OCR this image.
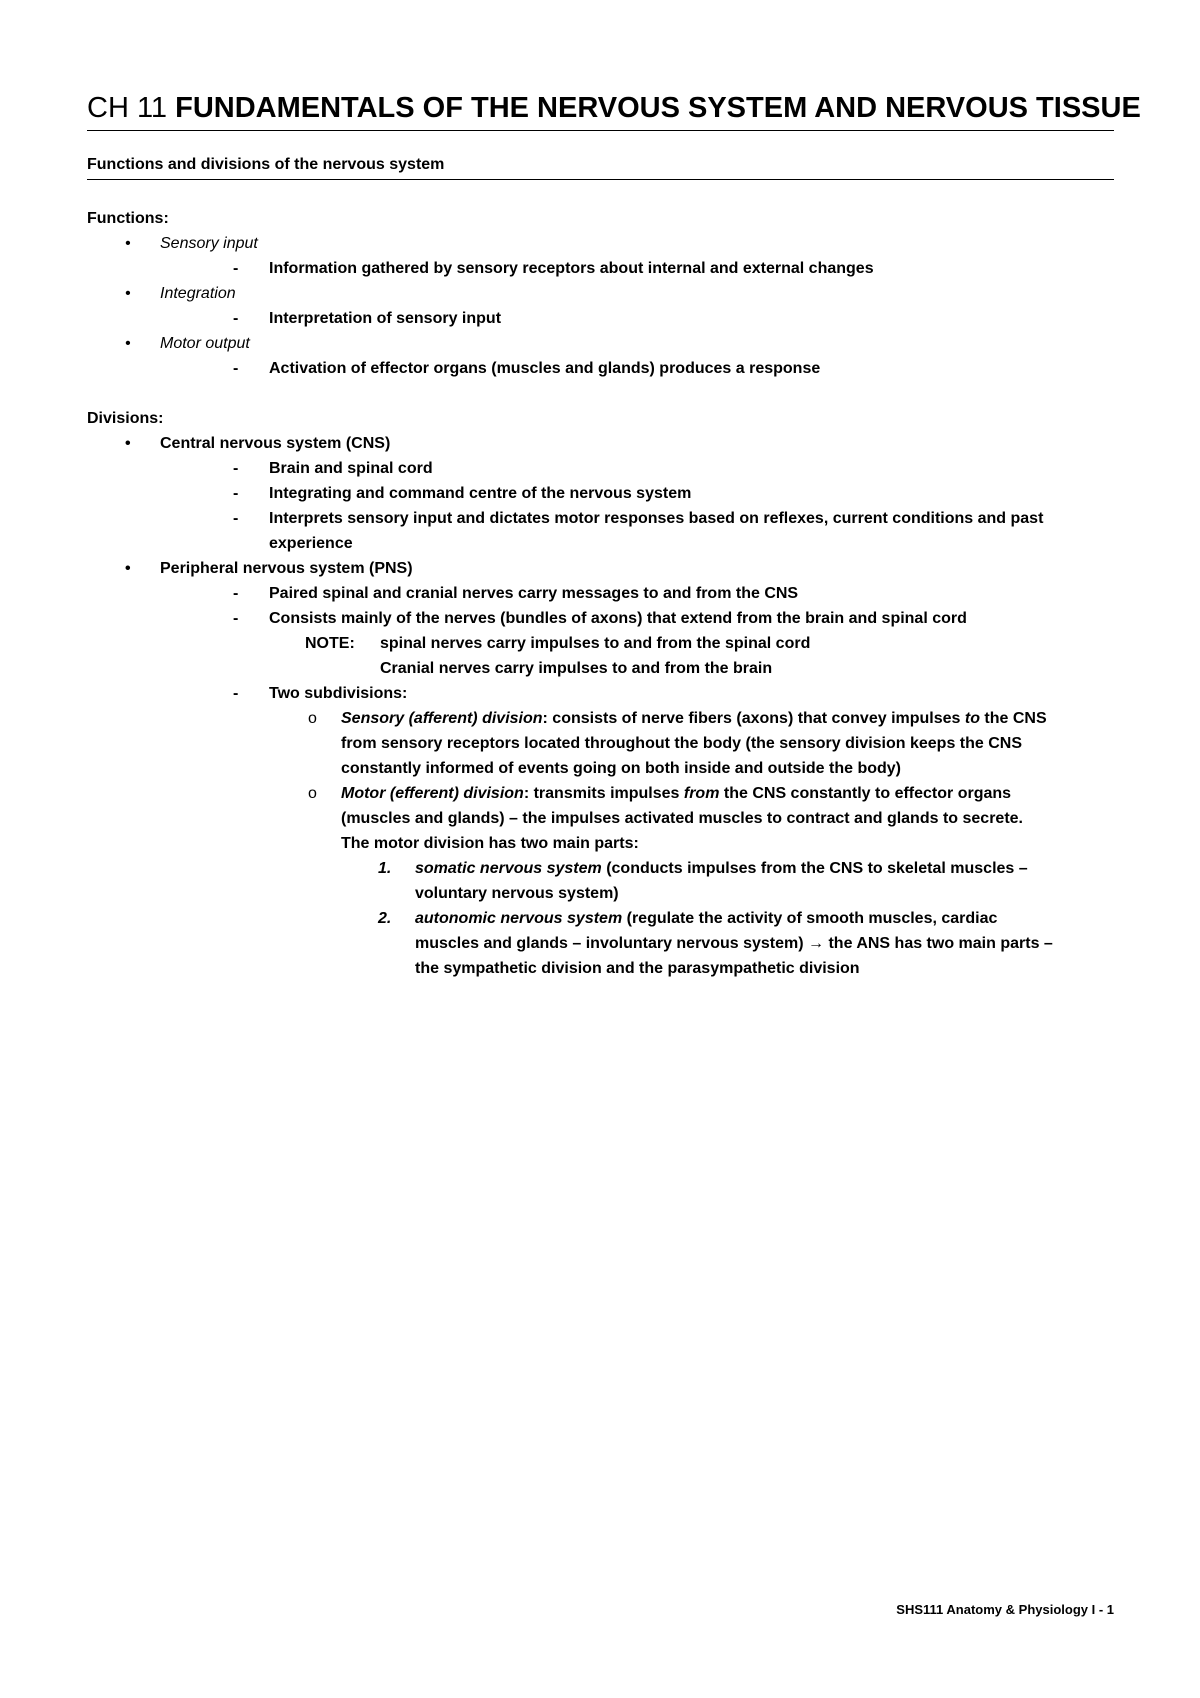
CH 11 FUNDAMENTALS OF THE NERVOUS SYSTEM AND NERVOUS TISSUE
Functions and divisions of the nervous system
Functions:
• Sensory input
- Information gathered by sensory receptors about internal and external changes
• Integration
- Interpretation of sensory input
• Motor output
- Activation of effector organs (muscles and glands) produces a response
Divisions:
• Central nervous system (CNS)
- Brain and spinal cord
- Integrating and command centre of the nervous system
- Interprets sensory input and dictates motor responses based on reflexes, current conditions and past
experience
• Peripheral nervous system (PNS)
- Paired spinal and cranial nerves carry messages to and from the CNS
- Consists mainly of the nerves (bundles of axons) that extend from the brain and spinal cord
NOTE: spinal nerves carry impulses to and from the spinal cord
Cranial nerves carry impulses to and from the brain
- Two subdivisions:
o Sensory (afferent) division: consists of nerve fibers (axons) that convey impulses to the CNS
from sensory receptors located throughout the body (the sensory division keeps the CNS
constantly informed of events going on both inside and outside the body)
o Motor (efferent) division: transmits impulses from the CNS constantly to effector organs
(muscles and glands) – the impulses activated muscles to contract and glands to secrete.
The motor division has two main parts:
1. somatic nervous system (conducts impulses from the CNS to skeletal muscles –
voluntary nervous system)
2. autonomic nervous system (regulate the activity of smooth muscles, cardiac
muscles and glands – involuntary nervous system) → the ANS has two main parts –
the sympathetic division and the parasympathetic division
SHS111 Anatomy & Physiology I - 1
